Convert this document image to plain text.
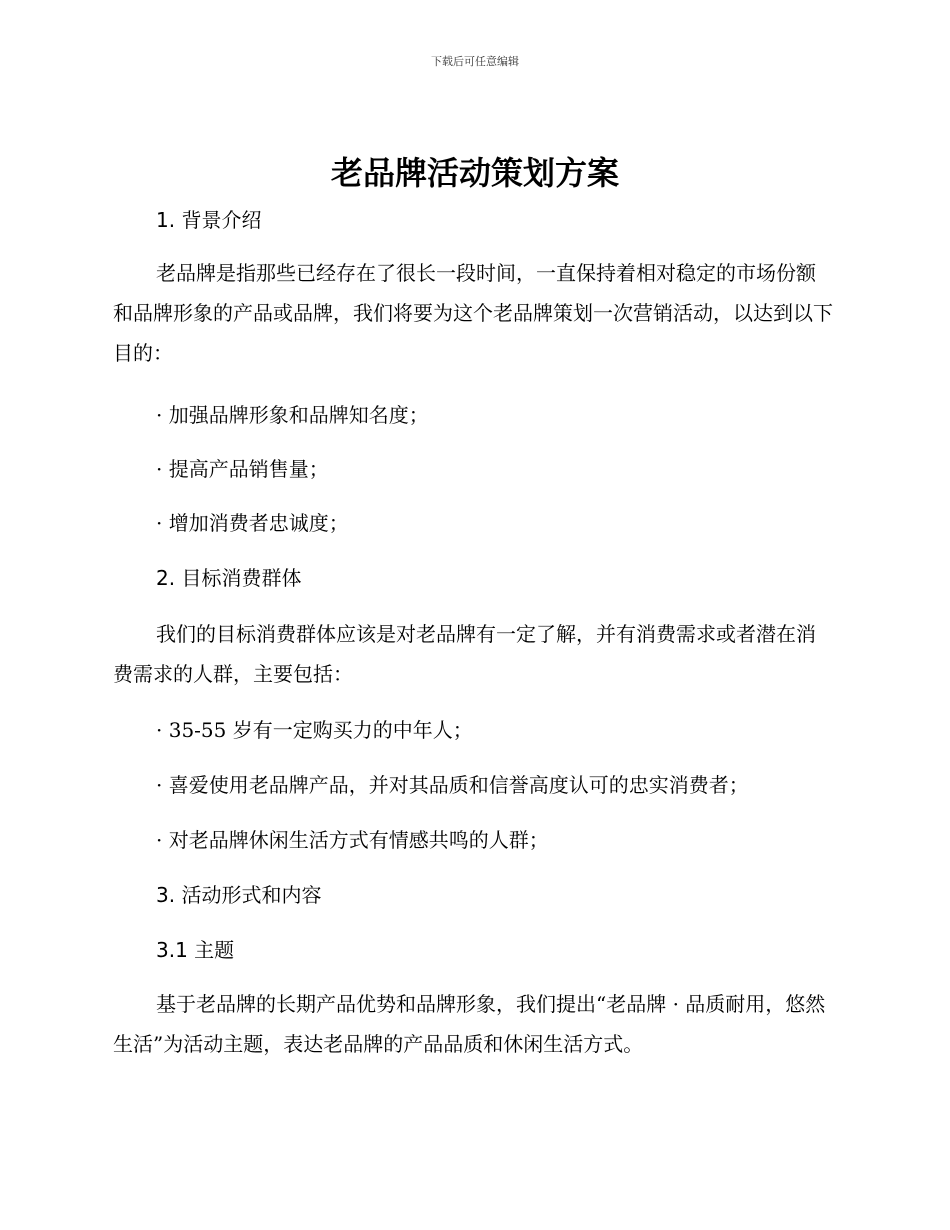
下载后可任意编辑
老品牌活动策划方案
1. 背景介绍

老品牌是指那些已经存在了很长一段时间，一直保持着相对稳定的市场份额和品牌形象的产品或品牌，我们将要为这个老品牌策划一次营销活动，以达到以下目的：

· 加强品牌形象和品牌知名度；
· 提高产品销售量；
· 增加消费者忠诚度；
2. 目标消费群体

我们的目标消费群体应该是对老品牌有一定了解，并有消费需求或者潜在消费需求的人群，主要包括：

· 35-55 岁有一定购买力的中年人；
· 喜爱使用老品牌产品，并对其品质和信誉高度认可的忠实消费者；
· 对老品牌休闲生活方式有情感共鸣的人群；
3. 活动形式和内容
3.1 主题

基于老品牌的长期产品优势和品牌形象，我们提出“老品牌 · 品质耐用，悠然生活”为活动主题，表达老品牌的产品品质和休闲生活方式。
